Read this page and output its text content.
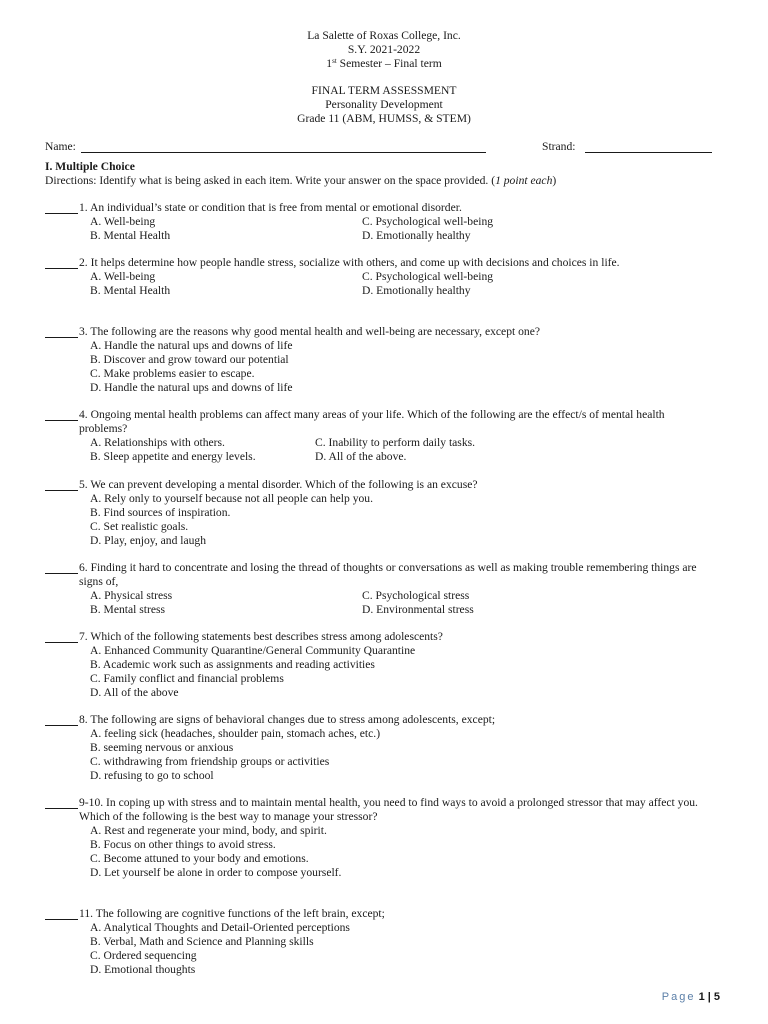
La Salette of Roxas College, Inc.
S.Y. 2021-2022
1st Semester – Final term
FINAL TERM ASSESSMENT
Personality Development
Grade 11 (ABM, HUMSS, & STEM)
Name:	Strand:
I. Multiple Choice
Directions: Identify what is being asked in each item. Write your answer on the space provided. (1 point each)
1. An individual’s state or condition that is free from mental or emotional disorder.
A. Well-being	C. Psychological well-being
B. Mental Health	D. Emotionally healthy
2. It helps determine how people handle stress, socialize with others, and come up with decisions and choices in life.
A. Well-being	C. Psychological well-being
B. Mental Health	D. Emotionally healthy
3. The following are the reasons why good mental health and well-being are necessary, except one?
A. Handle the natural ups and downs of life
B. Discover and grow toward our potential
C. Make problems easier to escape.
D. Handle the natural ups and downs of life
4. Ongoing mental health problems can affect many areas of your life. Which of the following are the effect/s of mental health problems?
A. Relationships with others.	C. Inability to perform daily tasks.
B. Sleep appetite and energy levels.	D. All of the above.
5. We can prevent developing a mental disorder. Which of the following is an excuse?
A. Rely only to yourself because not all people can help you.
B. Find sources of inspiration.
C. Set realistic goals.
D. Play, enjoy, and laugh
6. Finding it hard to concentrate and losing the thread of thoughts or conversations as well as making trouble remembering things are signs of,
A. Physical stress	C. Psychological stress
B. Mental stress	D. Environmental stress
7. Which of the following statements best describes stress among adolescents?
A. Enhanced Community Quarantine/General Community Quarantine
B. Academic work such as assignments and reading activities
C. Family conflict and financial problems
D. All of the above
8. The following are signs of behavioral changes due to stress among adolescents, except;
A. feeling sick (headaches, shoulder pain, stomach aches, etc.)
B. seeming nervous or anxious
C. withdrawing from friendship groups or activities
D. refusing to go to school
9-10. In coping up with stress and to maintain mental health, you need to find ways to avoid a prolonged stressor that may affect you. Which of the following is the best way to manage your stressor?
A. Rest and regenerate your mind, body, and spirit.
B. Focus on other things to avoid stress.
C. Become attuned to your body and emotions.
D. Let yourself be alone in order to compose yourself.
11. The following are cognitive functions of the left brain, except;
A. Analytical Thoughts and Detail-Oriented perceptions
B. Verbal, Math and Science and Planning skills
C. Ordered sequencing
D. Emotional thoughts
Page 1 | 5
